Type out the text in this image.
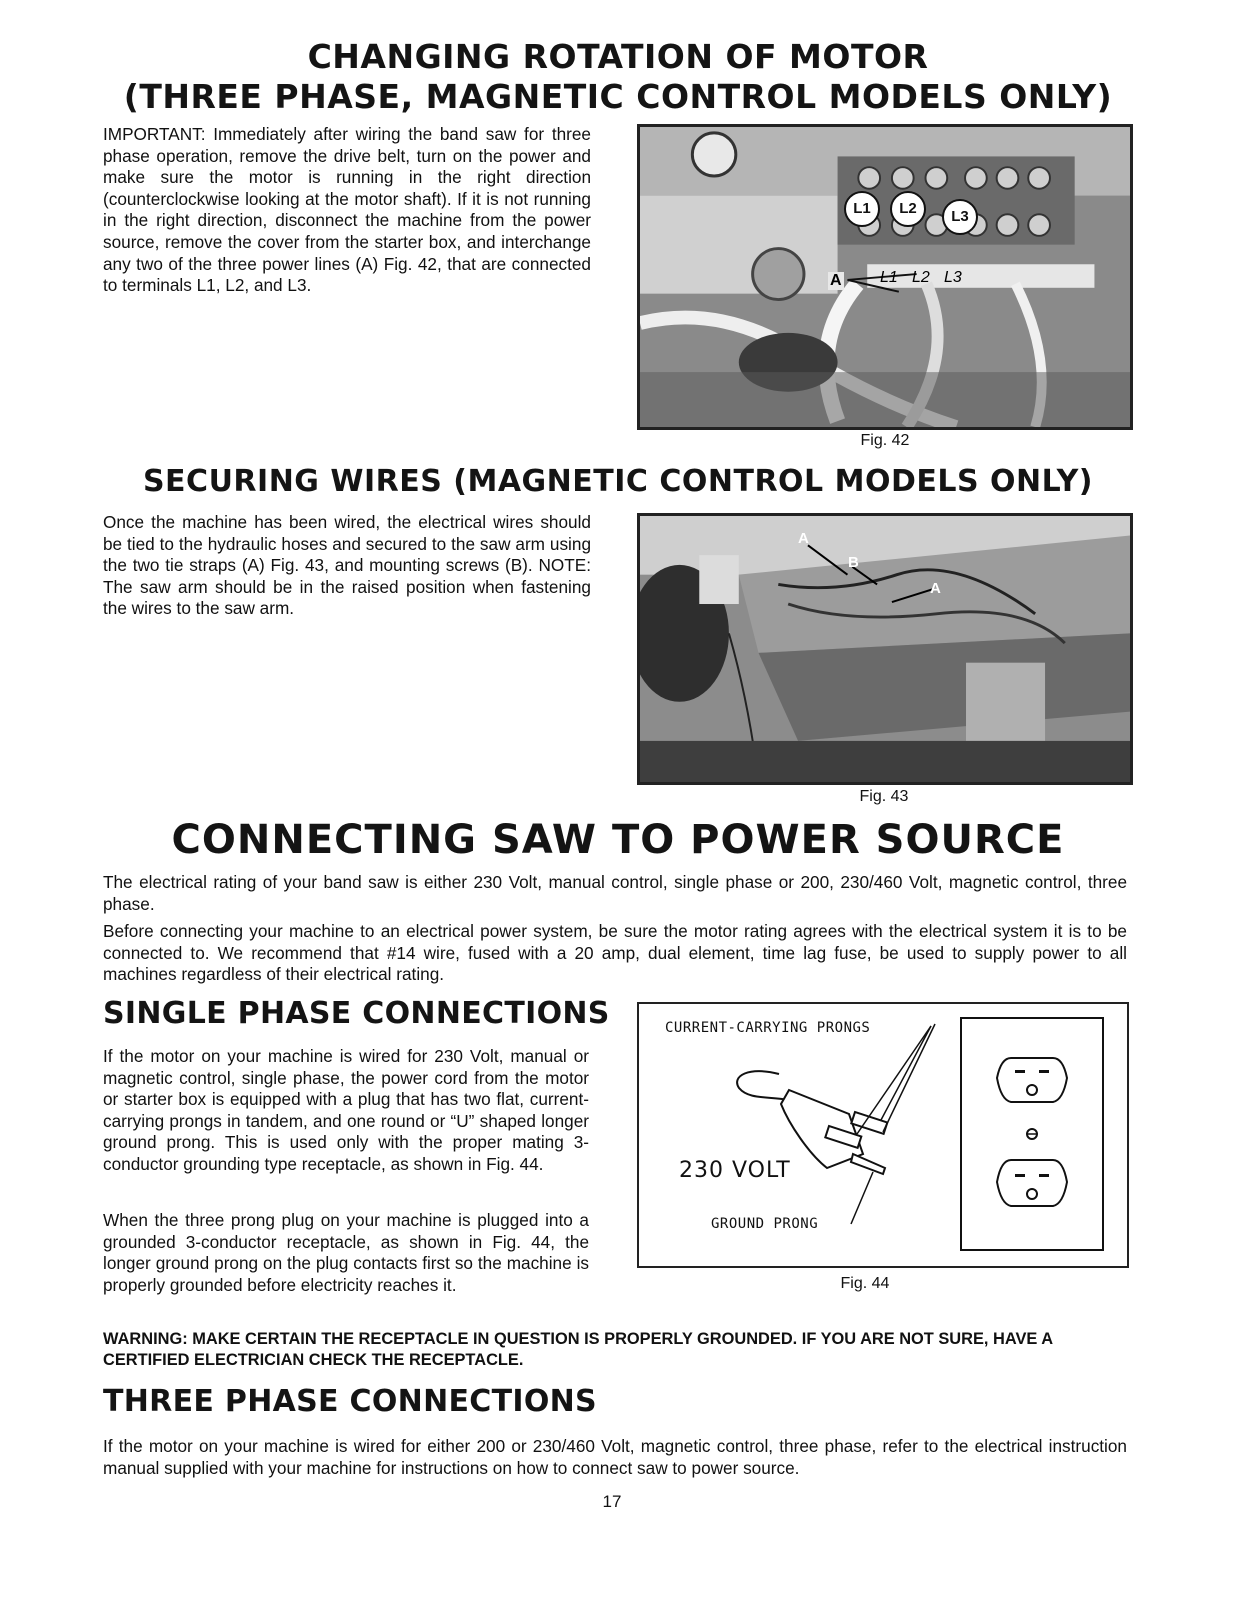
CHANGING ROTATION OF MOTOR
(THREE PHASE, MAGNETIC CONTROL MODELS ONLY)

IMPORTANT: Immediately after wiring the band saw for three phase operation, remove the drive belt, turn on the power and make sure the motor is running in the right direction (counterclockwise looking at the motor shaft). If it is not running in the right direction, disconnect the machine from the power source, remove the cover from the starter box, and interchange any two of the three power lines (A) Fig. 42, that are connected to terminals L1, L2, and L3.

L1	L2	L3
A L1 L2 L3
Fig. 42
SECURING WIRES (MAGNETIC CONTROL MODELS ONLY)

Once the machine has been wired, the electrical wires should be tied to the hydraulic hoses and secured to the saw arm using the two tie straps (A) Fig. 43, and mounting screws (B). NOTE: The saw arm should be in the raised position when fastening the wires to the saw arm.

A
B
A
Fig. 43
CONNECTING SAW TO POWER SOURCE

The electrical rating of your band saw is either 230 Volt, manual control, single phase or 200, 230/460 Volt, magnetic control, three phase.

Before connecting your machine to an electrical power system, be sure the motor rating agrees with the electrical system it is to be connected to. We recommend that #14 wire, fused with a 20 amp, dual element, time lag fuse, be used to supply power to all machines regardless of their electrical rating.

SINGLE PHASE CONNECTIONS

If the motor on your machine is wired for 230 Volt, manual or magnetic control, single phase, the power cord from the motor or starter box is equipped with a plug that has two flat, current-carrying prongs in tandem, and one round or “U” shaped longer ground prong. This is used only with the proper mating 3-conductor grounding type receptacle, as shown in Fig. 44.

When the three prong plug on your machine is plugged into a grounded 3-conductor receptacle, as shown in Fig. 44, the longer ground prong on the plug contacts first so the machine is properly grounded before electricity reaches it.

CURRENT-CARRYING PRONGS
230 VOLT
GROUND PRONG
Fig. 44

WARNING: MAKE CERTAIN THE RECEPTACLE IN QUESTION IS PROPERLY GROUNDED. IF YOU ARE NOT SURE, HAVE A CERTIFIED ELECTRICIAN CHECK THE RECEPTACLE.

THREE PHASE CONNECTIONS

If the motor on your machine is wired for either 200 or 230/460 Volt, magnetic control, three phase, refer to the electrical instruction manual supplied with your machine for instructions on how to connect saw to power source.

17
